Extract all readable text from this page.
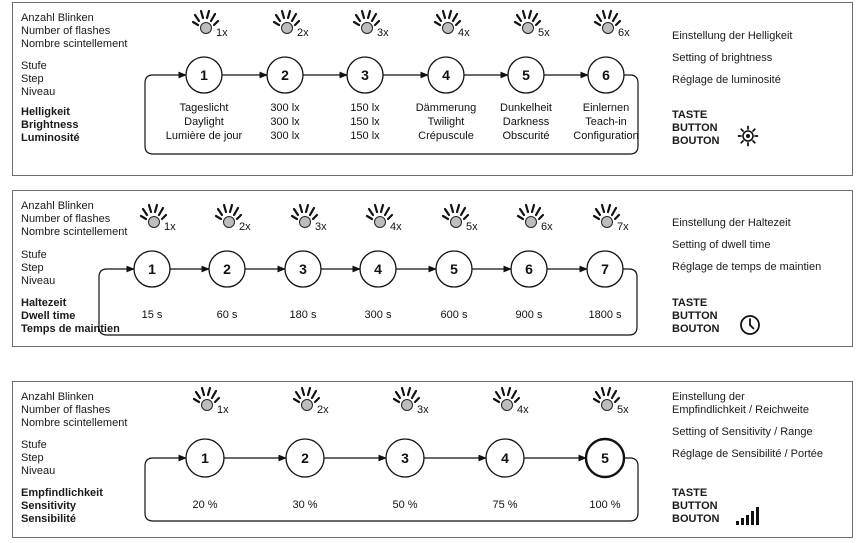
Anzahl Blinken
Number of flashes
Nombre scintellement
Stufe
Step
Niveau
Helligkeit
Brightness
Luminosité
1
1x
Tageslicht
Daylight
Lumière de jour
2
2x
300 lx
300 lx
300 lx
3
3x
150 lx
150 lx
150 lx
4
4x
Dämmerung
Twilight
Crépuscule
5
5x
Dunkelheit
Darkness
Obscurité
6
6x
Einlernen
Teach-in
Configuration
Einstellung der Helligkeit
Setting of brightness
Réglage de luminosité
TASTE
BUTTON
BOUTON
Anzahl Blinken
Number of flashes
Nombre scintellement
Stufe
Step
Niveau
Haltezeit
Dwell time
Temps de maintien
1
1x
15 s
2
2x
60 s
3
3x
180 s
4
4x
300 s
5
5x
600 s
6
6x
900 s
7
7x
1800 s
Einstellung der Haltezeit
Setting of dwell time
Réglage de temps de maintien
TASTE
BUTTON
BOUTON
Anzahl Blinken
Number of flashes
Nombre scintellement
Stufe
Step
Niveau
Empfindlichkeit
Sensitivity
Sensibilité
1
1x
20 %
2
2x
30 %
3
3x
50 %
4
4x
75 %
5
5x
100 %
Einstellung der
Empfindlichkeit / Reichweite
Setting of Sensitivity / Range
Réglage de Sensibilité / Portée
TASTE
BUTTON
BOUTON
